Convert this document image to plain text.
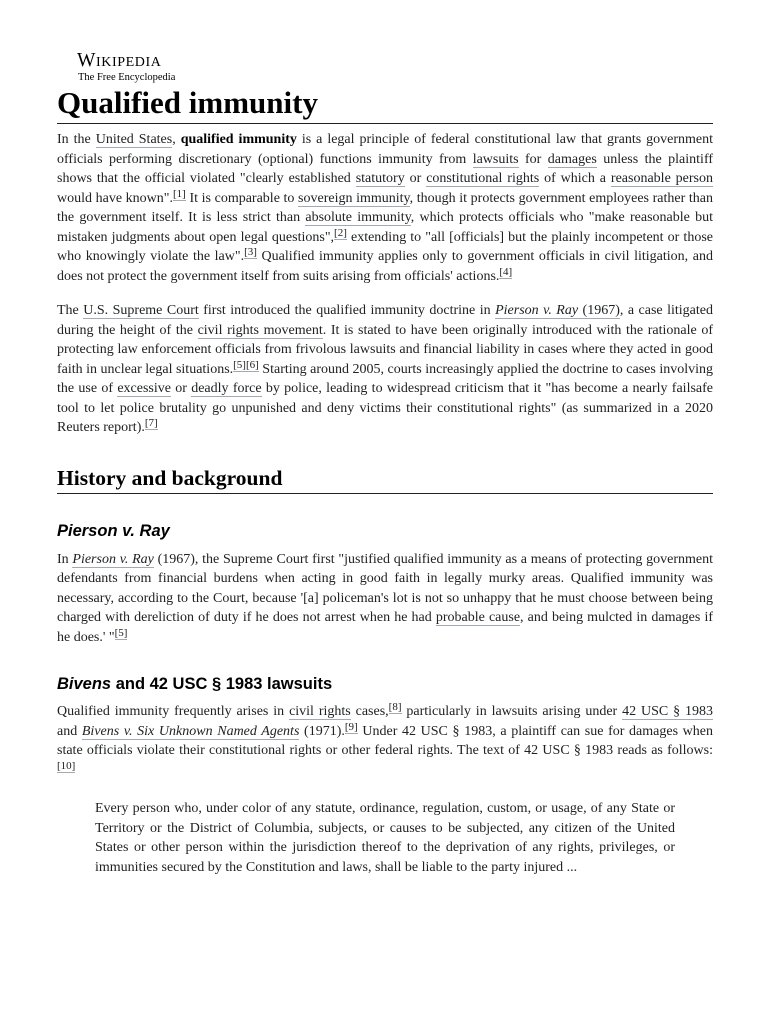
Wikipedia
The Free Encyclopedia
Qualified immunity

In the United States, qualified immunity is a legal principle of federal constitutional law that grants government officials performing discretionary (optional) functions immunity from lawsuits for damages unless the plaintiff shows that the official violated "clearly established statutory or constitutional rights of which a reasonable person would have known".[1] It is comparable to sovereign immunity, though it protects government employees rather than the government itself. It is less strict than absolute immunity, which protects officials who "make reasonable but mistaken judgments about open legal questions",[2] extending to "all [officials] but the plainly incompetent or those who knowingly violate the law".[3] Qualified immunity applies only to government officials in civil litigation, and does not protect the government itself from suits arising from officials' actions.[4]

The U.S. Supreme Court first introduced the qualified immunity doctrine in Pierson v. Ray (1967), a case litigated during the height of the civil rights movement. It is stated to have been originally introduced with the rationale of protecting law enforcement officials from frivolous lawsuits and financial liability in cases where they acted in good faith in unclear legal situations.[5][6] Starting around 2005, courts increasingly applied the doctrine to cases involving the use of excessive or deadly force by police, leading to widespread criticism that it "has become a nearly failsafe tool to let police brutality go unpunished and deny victims their constitutional rights" (as summarized in a 2020 Reuters report).[7]

History and background
Pierson v. Ray

In Pierson v. Ray (1967), the Supreme Court first "justified qualified immunity as a means of protecting government defendants from financial burdens when acting in good faith in legally murky areas. Qualified immunity was necessary, according to the Court, because '[a] policeman's lot is not so unhappy that he must choose between being charged with dereliction of duty if he does not arrest when he had probable cause, and being mulcted in damages if he does.' "[5]

Bivens and 42 USC § 1983 lawsuits

Qualified immunity frequently arises in civil rights cases,[8] particularly in lawsuits arising under 42 USC § 1983 and Bivens v. Six Unknown Named Agents (1971).[9] Under 42 USC § 1983, a plaintiff can sue for damages when state officials violate their constitutional rights or other federal rights. The text of 42 USC § 1983 reads as follows:[10]

Every person who, under color of any statute, ordinance, regulation, custom, or usage, of any State or Territory or the District of Columbia, subjects, or causes to be subjected, any citizen of the United States or other person within the jurisdiction thereof to the deprivation of any rights, privileges, or immunities secured by the Constitution and laws, shall be liable to the party injured ...
